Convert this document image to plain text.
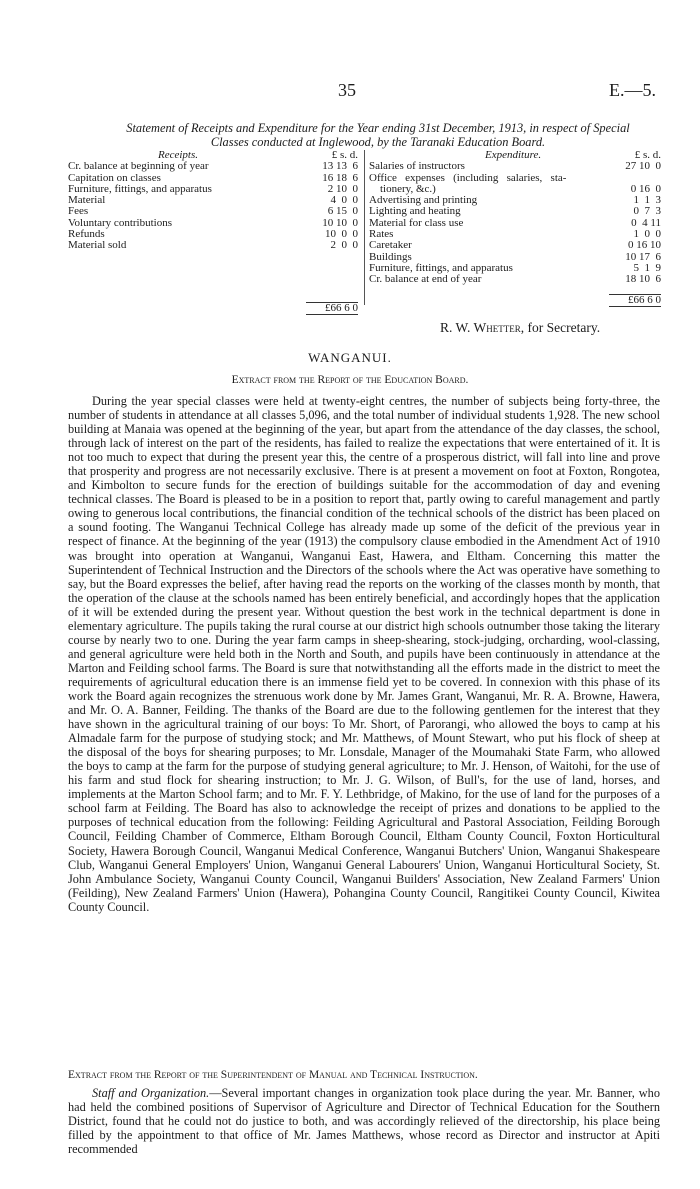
35	E.—5.
Statement of Receipts and Expenditure for the Year ending 31st December, 1913, in respect of Special
Classes conducted at Inglewood, by the Taranaki Education Board.
Receipts.	£ s. d.
Cr. balance at beginning of year	13 13  6
Capitation on classes	16 18  6
Furniture, fittings, and apparatus	2 10  0
Material	4  0  0
Fees	6 15  0
Voluntary contributions	10 10  0
Refunds	10  0  0
Material sold	2  0  0
£66 6 0
Expenditure.	£ s. d.
Salaries of instructors	27 10  0
Office   expenses   (including   salaries,   sta-
tionery, &c.)	0 16  0
Advertising and printing	1  1  3
Lighting and heating	0  7  3
Material for class use	0  4 11
Rates	1  0  0
Caretaker	0 16 10
Buildings	10 17  6
Furniture, fittings, and apparatus	5  1  9
Cr. balance at end of year	18 10  6
£66 6 0
R. W. Whetter, for Secretary.
WANGANUI.
Extract from the Report of the Education Board.
During the year special classes were held at twenty-eight centres, the number of subjects being forty-three, the number of students in attendance at all classes 5,096, and the total number of individual students 1,928. The new school building at Manaia was opened at the beginning of the year, but apart from the attendance of the day classes, the school, through lack of interest on the part of the residents, has failed to realize the expectations that were entertained of it. It is not too much to expect that during the present year this, the centre of a prosperous district, will fall into line and prove that prosperity and progress are not necessarily exclusive. There is at present a movement on foot at Foxton, Rongotea, and Kimbolton to secure funds for the erection of buildings suitable for the accommodation of day and evening technical classes. The Board is pleased to be in a position to report that, partly owing to careful management and partly owing to generous local contributions, the financial condition of the technical schools of the district has been placed on a sound footing. The Wanganui Technical College has already made up some of the deficit of the previous year in respect of finance. At the beginning of the year (1913) the compulsory clause embodied in the Amendment Act of 1910 was brought into operation at Wanganui, Wanganui East, Hawera, and Eltham. Concerning this matter the Superintendent of Technical Instruction and the Directors of the schools where the Act was operative have something to say, but the Board expresses the belief, after having read the reports on the working of the classes month by month, that the operation of the clause at the schools named has been entirely beneficial, and accordingly hopes that the application of it will be extended during the present year. Without question the best work in the technical department is done in elementary agriculture. The pupils taking the rural course at our district high schools outnumber those taking the literary course by nearly two to one. During the year farm camps in sheep-shearing, stock-judging, orcharding, wool-classing, and general agriculture were held both in the North and South, and pupils have been continuously in attendance at the Marton and Feilding school farms. The Board is sure that notwithstanding all the efforts made in the district to meet the requirements of agricultural education there is an immense field yet to be covered. In connexion with this phase of its work the Board again recognizes the strenuous work done by Mr. James Grant, Wanganui, Mr. R. A. Browne, Hawera, and Mr. O. A. Banner, Feilding. The thanks of the Board are due to the following gentlemen for the interest that they have shown in the agricultural training of our boys: To Mr. Short, of Parorangi, who allowed the boys to camp at his Almadale farm for the purpose of studying stock; and Mr. Matthews, of Mount Stewart, who put his flock of sheep at the disposal of the boys for shearing purposes; to Mr. Lonsdale, Manager of the Moumahaki State Farm, who allowed the boys to camp at the farm for the purpose of studying general agriculture; to Mr. J. Henson, of Waitohi, for the use of his farm and stud flock for shearing instruction; to Mr. J. G. Wilson, of Bull's, for the use of land, horses, and implements at the Marton School farm; and to Mr. F. Y. Lethbridge, of Makino, for the use of land for the purposes of a school farm at Feilding. The Board has also to acknowledge the receipt of prizes and donations to be applied to the purposes of technical education from the following: Feilding Agricultural and Pastoral Association, Feilding Borough Council, Feilding Chamber of Commerce, Eltham Borough Council, Eltham County Council, Foxton Horticultural Society, Hawera Borough Council, Wanganui Medical Conference, Wanganui Butchers' Union, Wanganui Shakespeare Club, Wanganui General Employers' Union, Wanganui General Labourers' Union, Wanganui Horticultural Society, St. John Ambulance Society, Wanganui County Council, Wanganui Builders' Association, New Zealand Farmers' Union (Feilding), New Zealand Farmers' Union (Hawera), Pohangina County Council, Rangitikei County Council, Kiwitea County Council.
Extract from the Report of the Superintendent of Manual and Technical Instruction.
Staff and Organization.—Several important changes in organization took place during the year. Mr. Banner, who had held the combined positions of Supervisor of Agriculture and Director of Technical Education for the Southern District, found that he could not do justice to both, and was accordingly relieved of the directorship, his place being filled by the appointment to that office of Mr. James Matthews, whose record as Director and instructor at Apiti recommended
